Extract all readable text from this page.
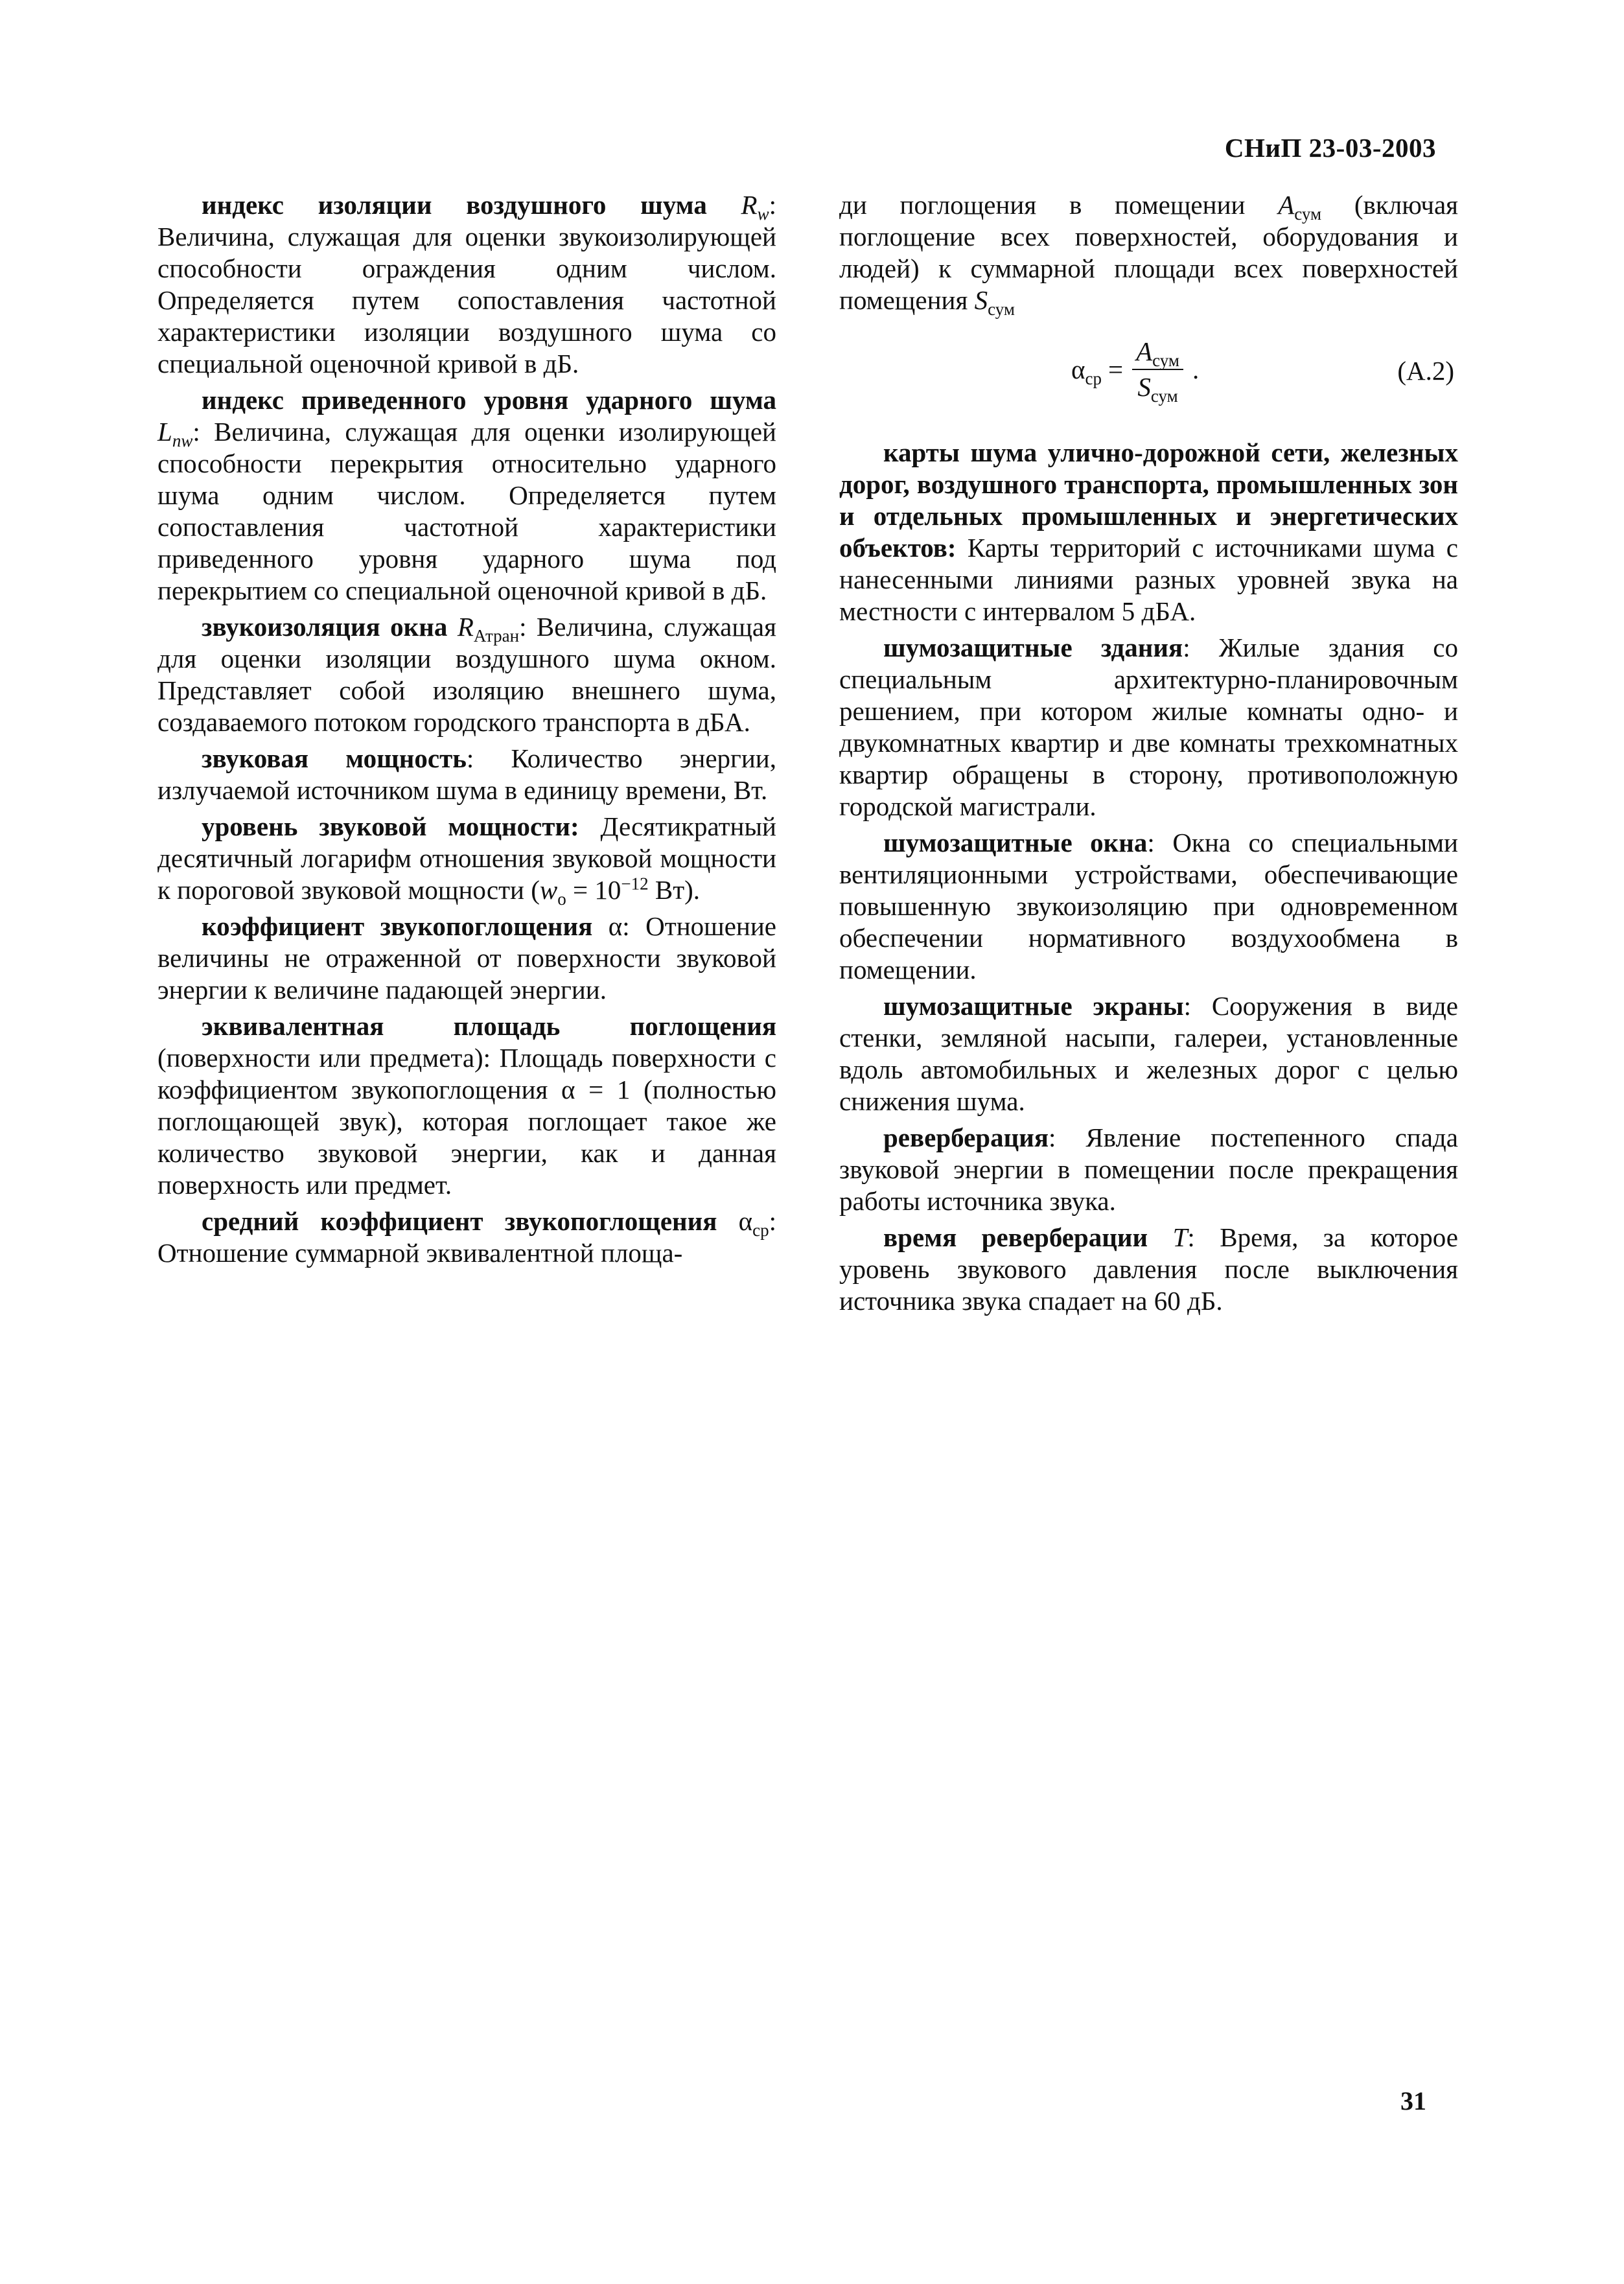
СНиП 23-03-2003

индекс изоляции воздушного шума $R_w$: Величина, служащая для оценки звукоизолирующей способности ограждения одним числом. Определяется путем сопоставления частотной характеристики изоляции воздушного шума со специальной оценочной кривой в дБ.

индекс приведенного уровня ударного шума $L_{nw}$: Величина, служащая для оценки изолирующей способности перекрытия относительно ударного шума одним числом. Определяется путем сопоставления частотной характеристики приведенного уровня ударного шума под перекрытием со специальной оценочной кривой в дБ.

звукоизоляция окна $R_{Атран}$: Величина, служащая для оценки изоляции воздушного шума окном. Представляет собой изоляцию внешнего шума, создаваемого потоком городского транспорта в дБА.

звуковая мощность: Количество энергии, излучаемой источником шума в единицу времени, Вт.

уровень звуковой мощности: Десятикратный десятичный логарифм отношения звуковой мощности к пороговой звуковой мощности ($w_о = 10^{-12}$ Вт).

коэффициент звукопоглощения α: Отношение величины не отраженной от поверхности звуковой энергии к величине падающей энергии.

эквивалентная площадь поглощения (поверхности или предмета): Площадь поверхности с коэффициентом звукопоглощения α = 1 (полностью поглощающей звук), которая поглощает такое же количество звуковой энергии, как и данная поверхность или предмет.

средний коэффициент звукопоглощения $\alpha_{ср}$: Отношение суммарной эквивалентной площа-

ди поглощения в помещении $A_{сум}$ (включая поглощение всех поверхностей, оборудования и людей) к суммарной площади всех поверхностей помещения $S_{сум}$

$\alpha_{ср} = \frac{A_{сум}}{S_{сум}}$ .	(А.2)

карты шума улично-дорожной сети, железных дорог, воздушного транспорта, промышленных зон и отдельных промышленных и энергетических объектов: Карты территорий с источниками шума с нанесенными линиями разных уровней звука на местности с интервалом 5 дБА.

шумозащитные здания: Жилые здания со специальным архитектурно-планировочным решением, при котором жилые комнаты одно- и двукомнатных квартир и две комнаты трехкомнатных квартир обращены в сторону, противоположную городской магистрали.

шумозащитные окна: Окна со специальными вентиляционными устройствами, обеспечивающие повышенную звукоизоляцию при одновременном обеспечении нормативного воздухообмена в помещении.

шумозащитные экраны: Сооружения в виде стенки, земляной насыпи, галереи, установленные вдоль автомобильных и железных дорог с целью снижения шума.

реверберация: Явление постепенного спада звуковой энергии в помещении после прекращения работы источника звука.

время реверберации T: Время, за которое уровень звукового давления после выключения источника звука спадает на 60 дБ.

31
